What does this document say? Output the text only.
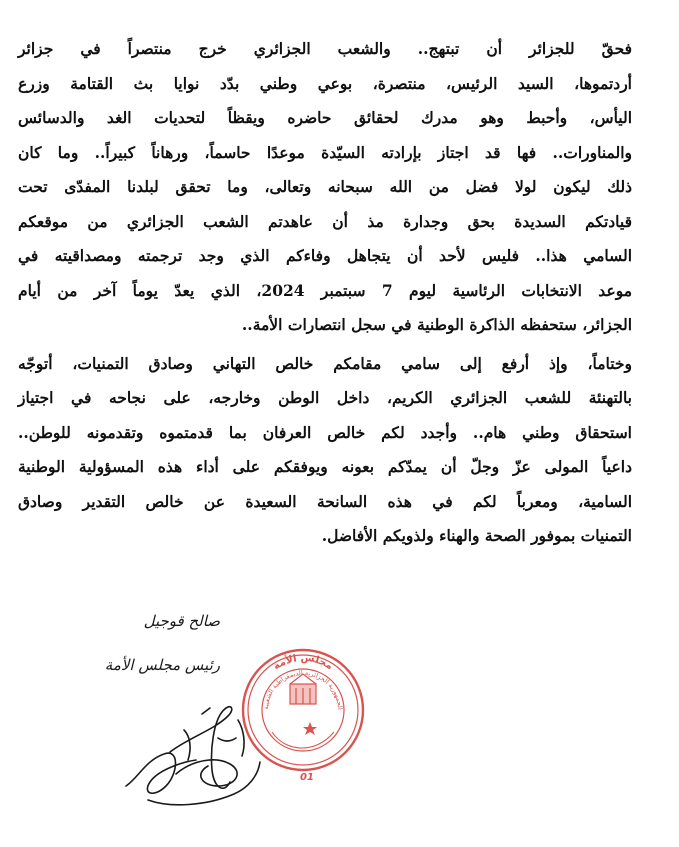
فحقّ للجزائر أن تبتهج.. والشعب الجزائري خرج منتصراً في جزائر
أردتموها، السيد الرئيس، منتصرة، بوعي وطني بدّد نوايا بث القتامة وزرع
اليأس، وأحبط وهو مدرك لحقائق حاضره ويقظاً لتحديات الغد والدسائس
والمناورات.. فها قد اجتاز بإرادته السيّدة موعدًا حاسماً، ورهاناً كبيراً.. وما كان
ذلك ليكون لولا فضل من الله سبحانه وتعالى، وما تحقق لبلدنا المفدّى تحت
قيادتكم السديدة بحق وجدارة مذ أن عاهدتم الشعب الجزائري من موقعكم
السامي هذا.. فليس لأحد أن يتجاهل وفاءكم الذي وجد ترجمته ومصداقيته في
موعد الانتخابات الرئاسية ليوم 7 سبتمبر 2024، الذي يعدّ يوماً آخر من أيام
الجزائر، ستحفظه الذاكرة الوطنية في سجل انتصارات الأمة..
وختاماً، وإذ أرفع إلى سامي مقامكم خالص التهاني وصادق التمنيات، أتوجّه
بالتهنئة للشعب الجزائري الكريم، داخل الوطن وخارجه، على نجاحه في اجتياز
استحقاق وطني هام.. وأجدد لكم خالص العرفان بما قدمتموه وتقدمونه للوطن..
داعياً المولى عزّ وجلّ أن يمدّكم بعونه ويوفقكم على أداء هذه المسؤولية الوطنية
السامية، ومعرباً لكم في هذه السانحة السعيدة عن خالص التقدير وصادق
التمنيات بموفور الصحة والهناء ولذويكم الأفاضل.
صالح قوجيل
رئيس مجلس الأمة	مجلس الأمة
الجمهورية الجزائرية الديمقراطية الشعبية
01
